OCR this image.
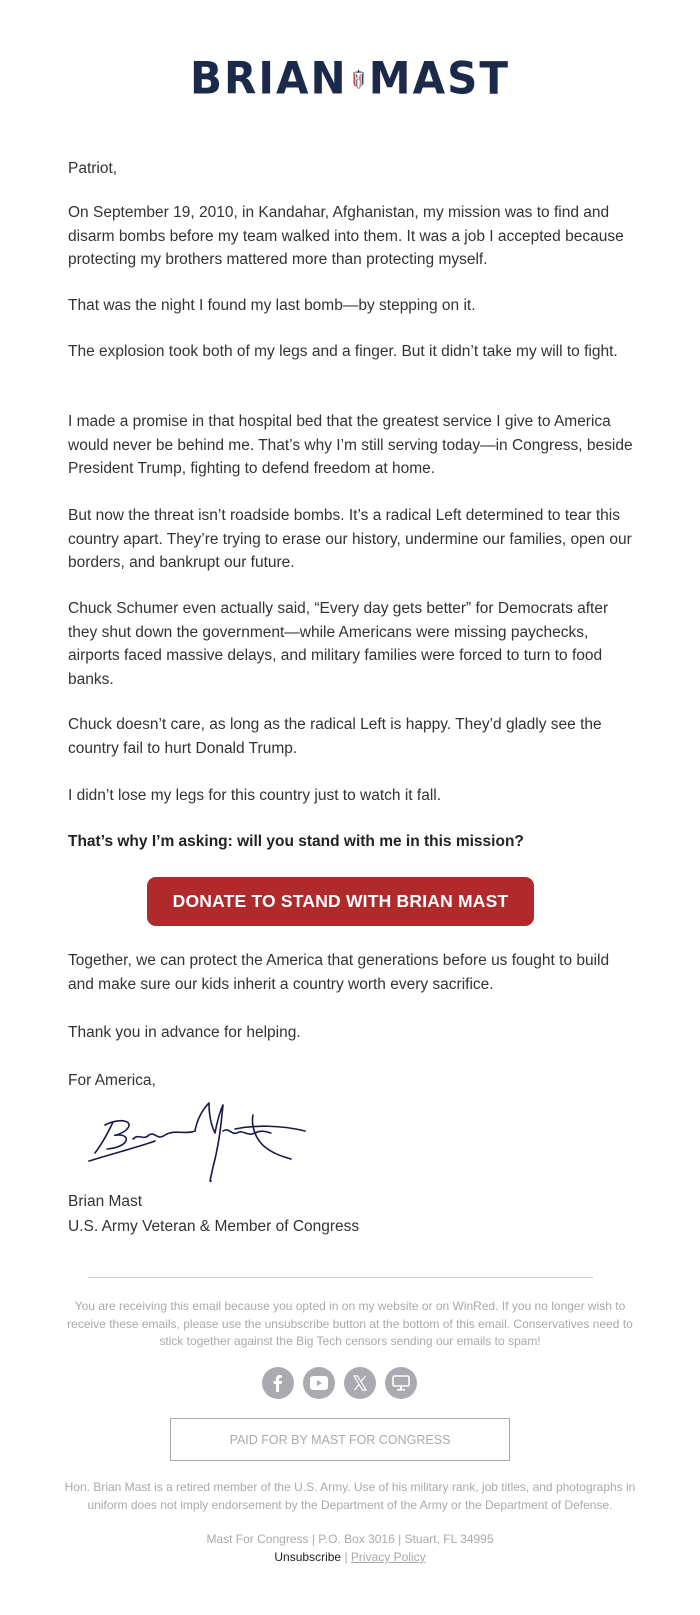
BRIAN MAST
Patriot,
On September 19, 2010, in Kandahar, Afghanistan, my mission was to find and disarm bombs before my team walked into them. It was a job I accepted because protecting my brothers mattered more than protecting myself.
That was the night I found my last bomb—by stepping on it.
The explosion took both of my legs and a finger. But it didn’t take my will to fight.
I made a promise in that hospital bed that the greatest service I give to America would never be behind me. That’s why I’m still serving today—in Congress, beside President Trump, fighting to defend freedom at home.
But now the threat isn’t roadside bombs. It’s a radical Left determined to tear this country apart. They’re trying to erase our history, undermine our families, open our borders, and bankrupt our future.
Chuck Schumer even actually said, “Every day gets better” for Democrats after they shut down the government—while Americans were missing paychecks, airports faced massive delays, and military families were forced to turn to food banks.
Chuck doesn’t care, as long as the radical Left is happy. They’d gladly see the country fail to hurt Donald Trump.
I didn’t lose my legs for this country just to watch it fall.
That’s why I’m asking: will you stand with me in this mission?
DONATE TO STAND WITH BRIAN MAST
Together, we can protect the America that generations before us fought to build and make sure our kids inherit a country worth every sacrifice.
Thank you in advance for helping.
For America,
Brian Mast
U.S. Army Veteran & Member of Congress
You are receiving this email because you opted in on my website or on WinRed. If you no longer wish to receive these emails, please use the unsubscribe button at the bottom of this email. Conservatives need to stick together against the Big Tech censors sending our emails to spam!
PAID FOR BY MAST FOR CONGRESS
Hon. Brian Mast is a retired member of the U.S. Army. Use of his military rank, job titles, and photographs in uniform does not imply endorsement by the Department of the Army or the Department of Defense.
Mast For Congress | P.O. Box 3016 | Stuart, FL 34995
Unsubscribe | Privacy Policy
